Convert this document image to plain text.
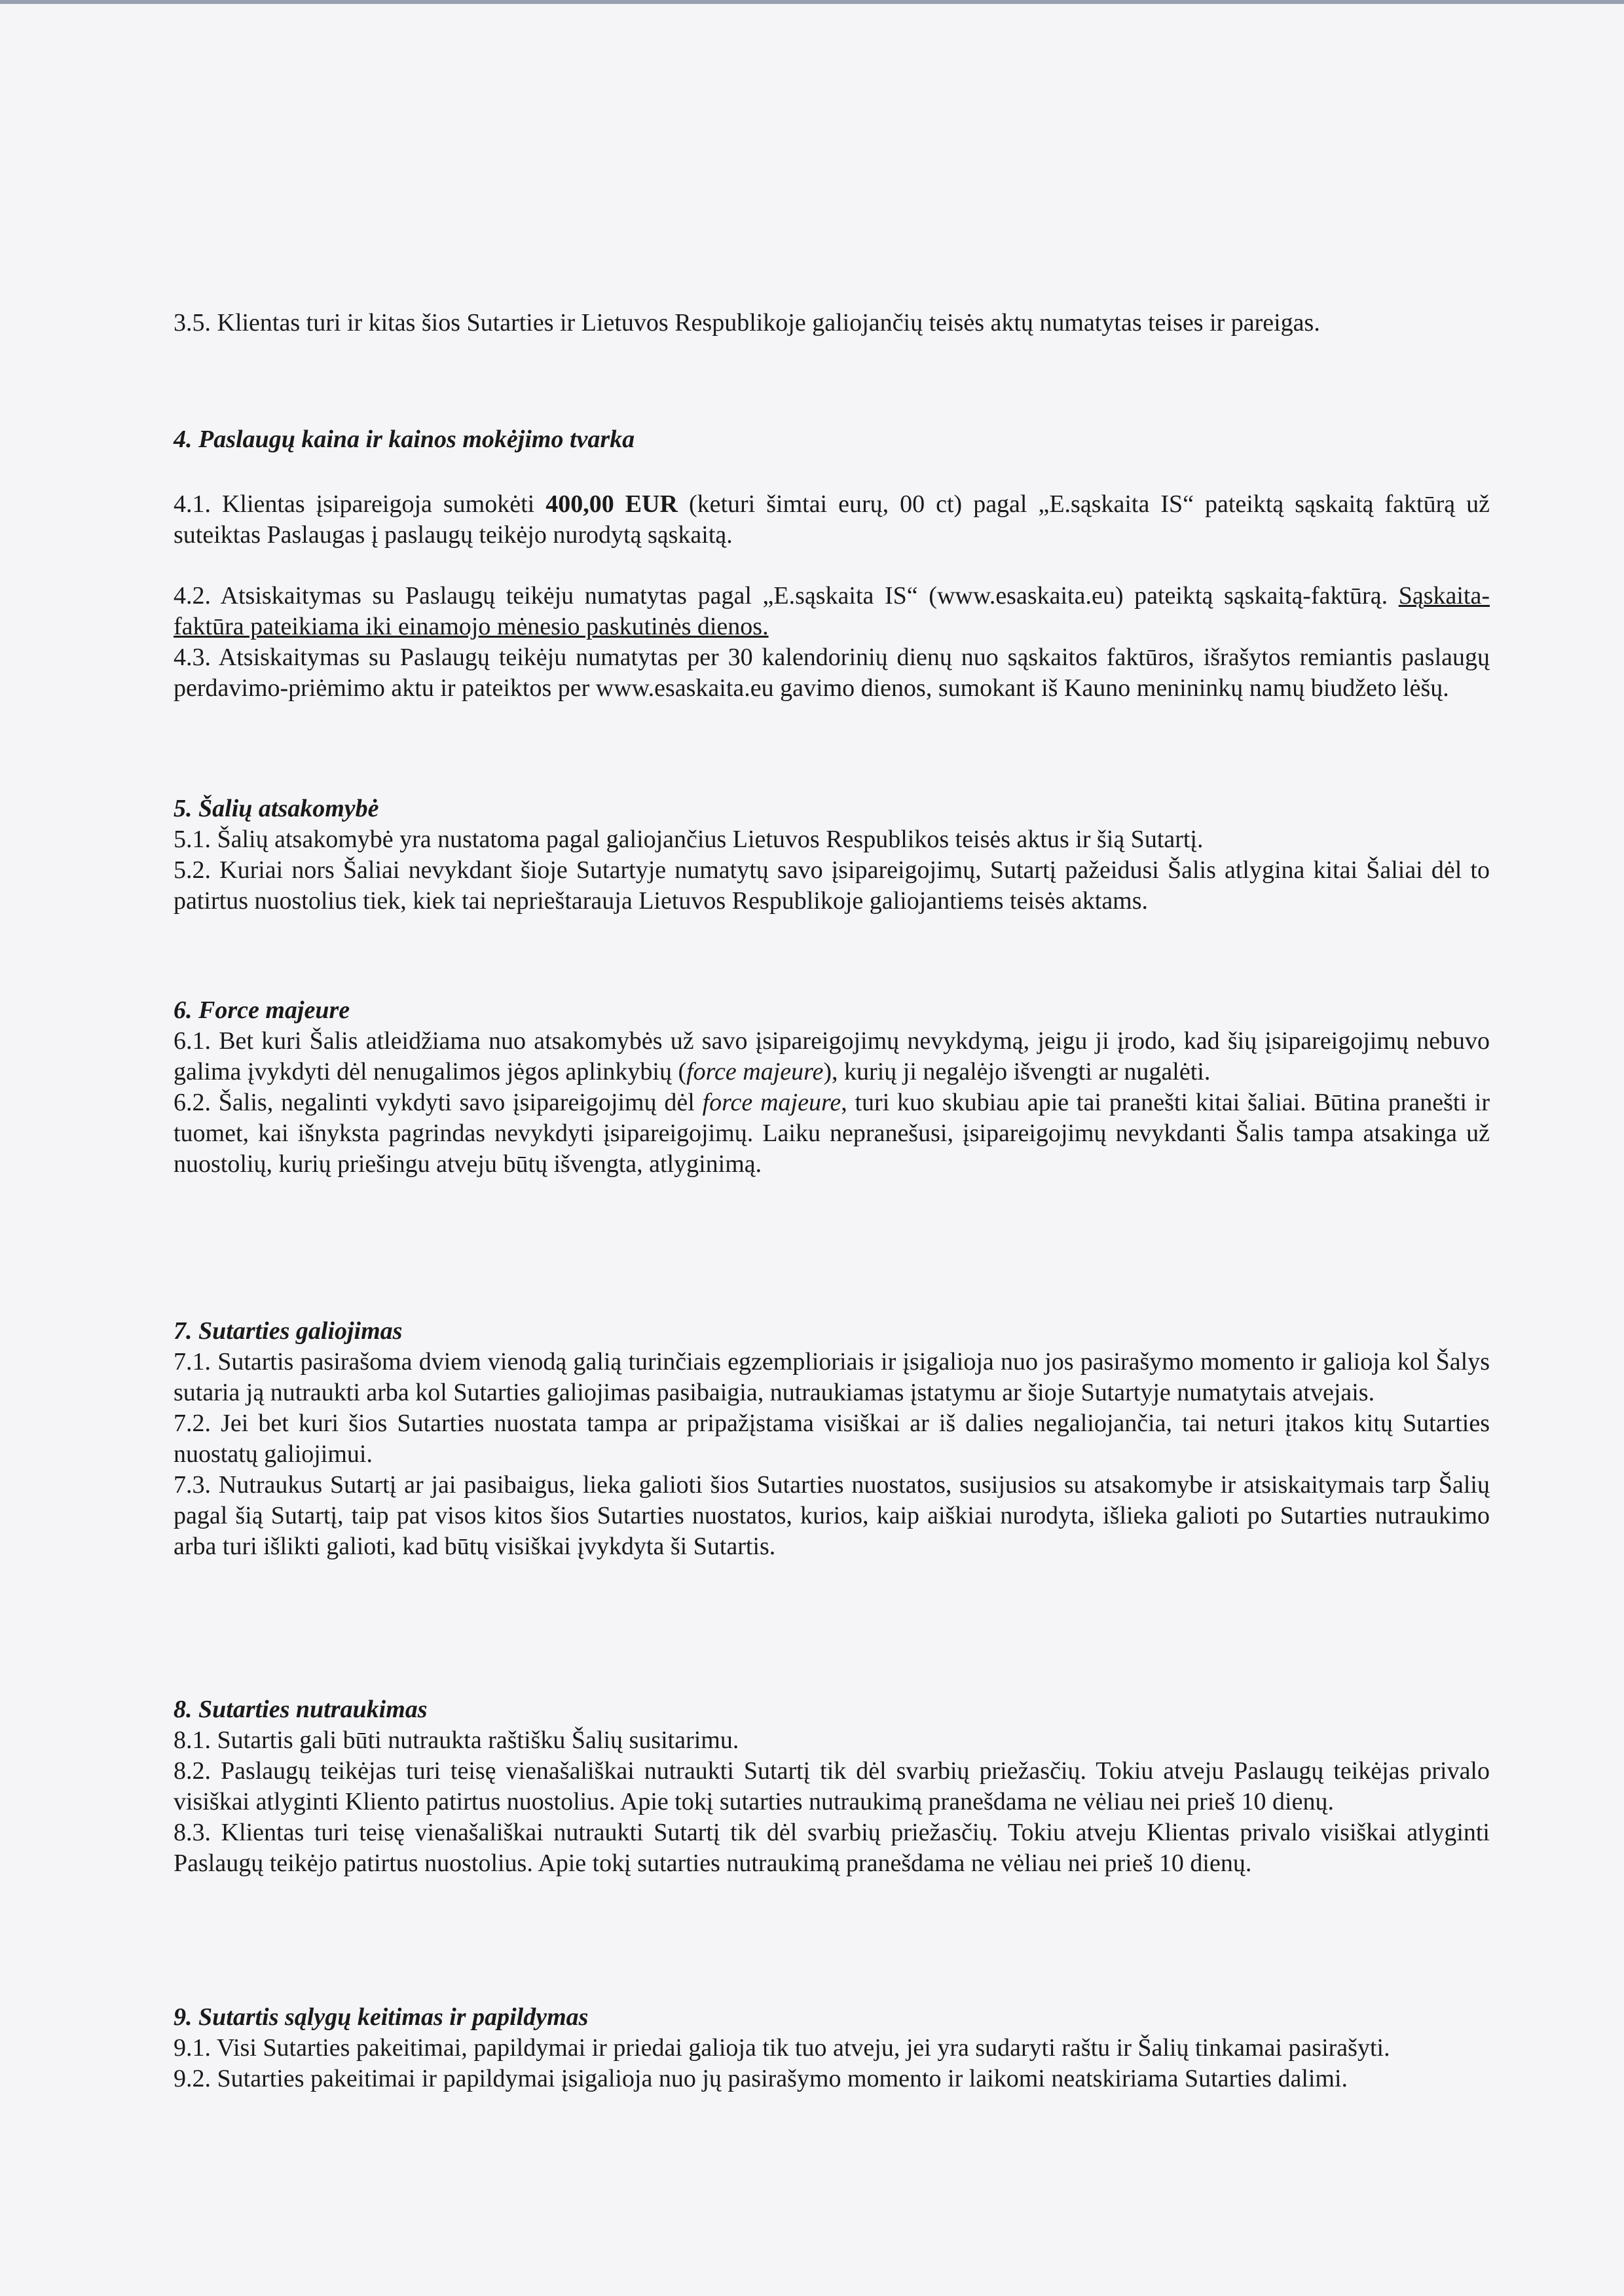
3.5. Klientas turi ir kitas šios Sutarties ir Lietuvos Respublikoje galiojančių teisės aktų numatytas teises ir pareigas.

4. Paslaugų kaina ir kainos mokėjimo tvarka

4.1. Klientas įsipareigoja sumokėti 400,00 EUR (keturi šimtai eurų, 00 ct) pagal „E.sąskaita IS“ pateiktą sąskaitą faktūrą už suteiktas Paslaugas į paslaugų teikėjo nurodytą sąskaitą.

4.2. Atsiskaitymas su Paslaugų teikėju numatytas pagal „E.sąskaita IS“ (www.esaskaita.eu) pateiktą sąskaitą-faktūrą. Sąskaita-faktūra pateikiama iki einamojo mėnesio paskutinės dienos.

4.3. Atsiskaitymas su Paslaugų teikėju numatytas per 30 kalendorinių dienų nuo sąskaitos faktūros, išrašytos remiantis paslaugų perdavimo-priėmimo aktu ir pateiktos per www.esaskaita.eu gavimo dienos, sumokant iš Kauno menininkų namų biudžeto lėšų.

5. Šalių atsakomybė

5.1. Šalių atsakomybė yra nustatoma pagal galiojančius Lietuvos Respublikos teisės aktus ir šią Sutartį.

5.2. Kuriai nors Šaliai nevykdant šioje Sutartyje numatytų savo įsipareigojimų, Sutartį pažeidusi Šalis atlygina kitai Šaliai dėl to patirtus nuostolius tiek, kiek tai neprieštarauja Lietuvos Respublikoje galiojantiems teisės aktams.

6. Force majeure

6.1. Bet kuri Šalis atleidžiama nuo atsakomybės už savo įsipareigojimų nevykdymą, jeigu ji įrodo, kad šių įsipareigojimų nebuvo galima įvykdyti dėl nenugalimos jėgos aplinkybių (force majeure), kurių ji negalėjo išvengti ar nugalėti.

6.2. Šalis, negalinti vykdyti savo įsipareigojimų dėl force majeure, turi kuo skubiau apie tai pranešti kitai šaliai. Būtina pranešti ir tuomet, kai išnyksta pagrindas nevykdyti įsipareigojimų. Laiku nepranešusi, įsipareigojimų nevykdanti Šalis tampa atsakinga už nuostolių, kurių priešingu atveju būtų išvengta, atlyginimą.

7. Sutarties galiojimas

7.1. Sutartis pasirašoma dviem vienodą galią turinčiais egzemplioriais ir įsigalioja nuo jos pasirašymo momento ir galioja kol Šalys sutaria ją nutraukti arba kol Sutarties galiojimas pasibaigia, nutraukiamas įstatymu ar šioje Sutartyje numatytais atvejais.

7.2. Jei bet kuri šios Sutarties nuostata tampa ar pripažįstama visiškai ar iš dalies negaliojančia, tai neturi įtakos kitų Sutarties nuostatų galiojimui.

7.3. Nutraukus Sutartį ar jai pasibaigus, lieka galioti šios Sutarties nuostatos, susijusios su atsakomybe ir atsiskaitymais tarp Šalių pagal šią Sutartį, taip pat visos kitos šios Sutarties nuostatos, kurios, kaip aiškiai nurodyta, išlieka galioti po Sutarties nutraukimo arba turi išlikti galioti, kad būtų visiškai įvykdyta ši Sutartis.

8. Sutarties nutraukimas

8.1. Sutartis gali būti nutraukta raštišku Šalių susitarimu.

8.2. Paslaugų teikėjas turi teisę vienašališkai nutraukti Sutartį tik dėl svarbių priežasčių. Tokiu atveju Paslaugų teikėjas privalo visiškai atlyginti Kliento patirtus nuostolius. Apie tokį sutarties nutraukimą pranešdama ne vėliau nei prieš 10 dienų.

8.3. Klientas turi teisę vienašališkai nutraukti Sutartį tik dėl svarbių priežasčių. Tokiu atveju Klientas privalo visiškai atlyginti Paslaugų teikėjo patirtus nuostolius. Apie tokį sutarties nutraukimą pranešdama ne vėliau nei prieš 10 dienų.

9. Sutartis sąlygų keitimas ir papildymas

9.1. Visi Sutarties pakeitimai, papildymai ir priedai galioja tik tuo atveju, jei yra sudaryti raštu ir Šalių tinkamai pasirašyti.

9.2. Sutarties pakeitimai ir papildymai įsigalioja nuo jų pasirašymo momento ir laikomi neatskiriama Sutarties dalimi.
